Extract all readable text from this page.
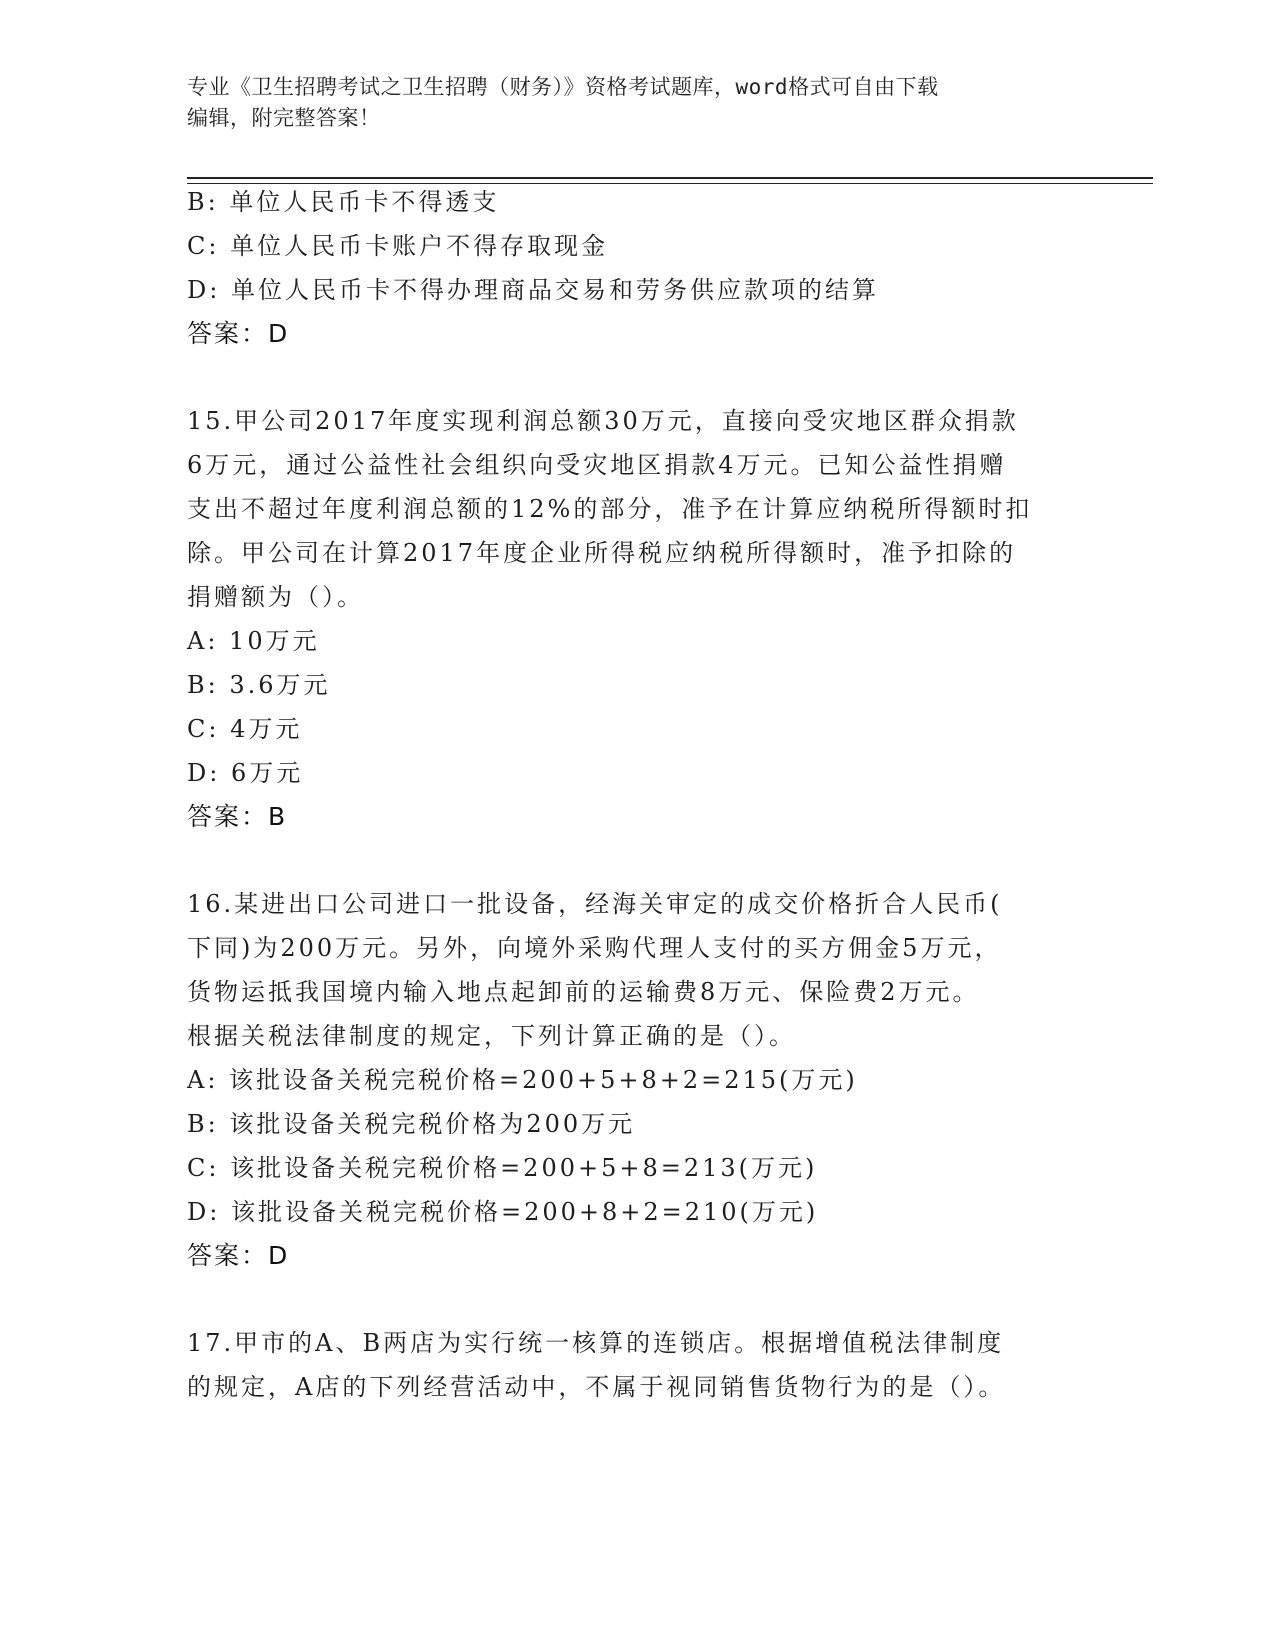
专业《卫生招聘考试之卫生招聘（财务）》资格考试题库，word格式可自由下载
编辑，附完整答案！
B: 单位人民币卡不得透支
C: 单位人民币卡账户不得存取现金
D: 单位人民币卡不得办理商品交易和劳务供应款项的结算
答案：D
15.甲公司2017年度实现利润总额30万元，直接向受灾地区群众捐款
6万元，通过公益性社会组织向受灾地区捐款4万元。已知公益性捐赠
支出不超过年度利润总额的12%的部分，准予在计算应纳税所得额时扣
除。甲公司在计算2017年度企业所得税应纳税所得额时，准予扣除的
捐赠额为（）。
A: 10万元
B: 3.6万元
C: 4万元
D: 6万元
答案：B
16.某进出口公司进口一批设备，经海关审定的成交价格折合人民币(
下同)为200万元。另外，向境外采购代理人支付的买方佣金5万元，
货物运抵我国境内输入地点起卸前的运输费8万元、保险费2万元。
根据关税法律制度的规定，下列计算正确的是（）。
A: 该批设备关税完税价格=200+5+8+2=215(万元)
B: 该批设备关税完税价格为200万元
C: 该批设备关税完税价格=200+5+8=213(万元)
D: 该批设备关税完税价格=200+8+2=210(万元)
答案：D
17.甲市的A、B两店为实行统一核算的连锁店。根据增值税法律制度
的规定，A店的下列经营活动中，不属于视同销售货物行为的是（）。
